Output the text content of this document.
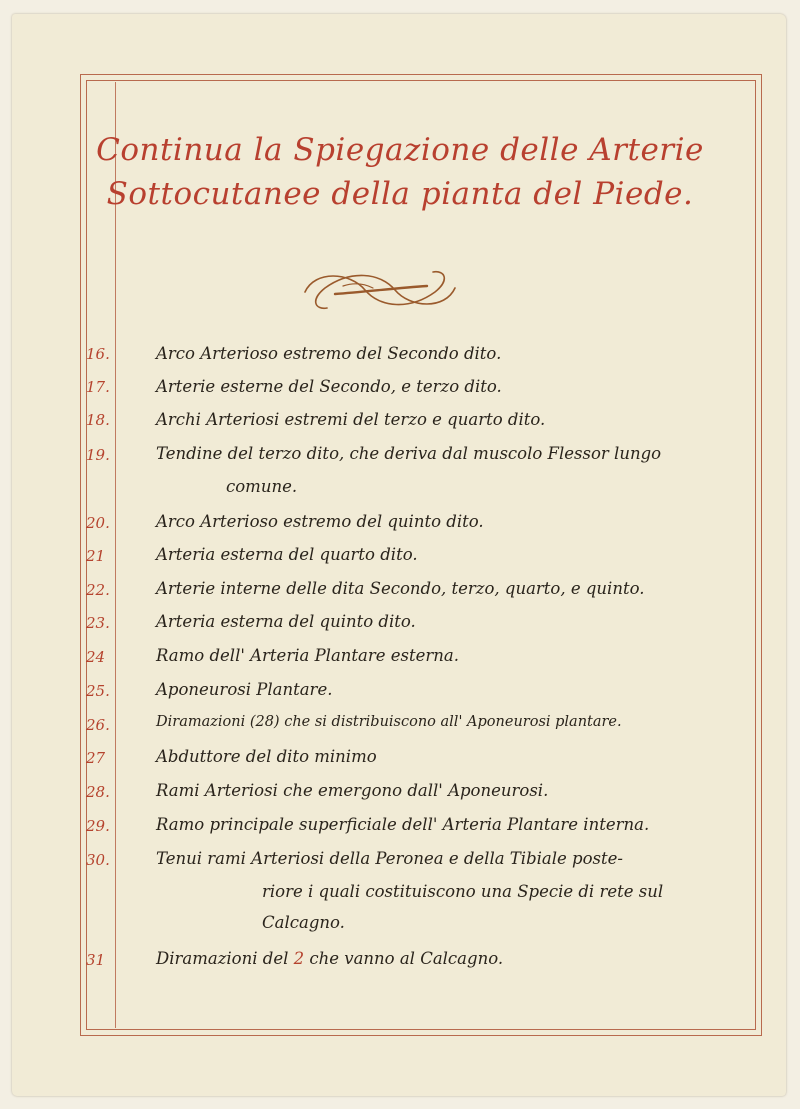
Continua la Spiegazione delle Arterie
Sottocutanee della pianta del Piede.
16.	Arco Arterioso estremo del Secondo dito.
17.	Arterie esterne del Secondo, e terzo dito.
18.	Archi Arteriosi estremi del terzo e quarto dito.
19.	Tendine del terzo dito, che deriva dal muscolo Flessor lungo
comune.
20.	Arco Arterioso estremo del quinto dito.
21	Arteria esterna del quarto dito.
22.	Arterie interne delle dita Secondo, terzo, quarto, e quinto.
23.	Arteria esterna del quinto dito.
24	Ramo dell' Arteria Plantare esterna.
25.	Aponeurosi Plantare.
26.	Diramazioni (28) che si distribuiscono all' Aponeurosi plantare.
27	Abduttore del dito minimo
28.	Rami Arteriosi che emergono dall' Aponeurosi.
29.	Ramo principale superficiale dell' Arteria Plantare interna.
30.	Tenui rami Arteriosi della Peronea e della Tibiale poste-
riore i quali costituiscono una Specie di rete sul
Calcagno.
31	Diramazioni del 2 che vanno al Calcagno.
